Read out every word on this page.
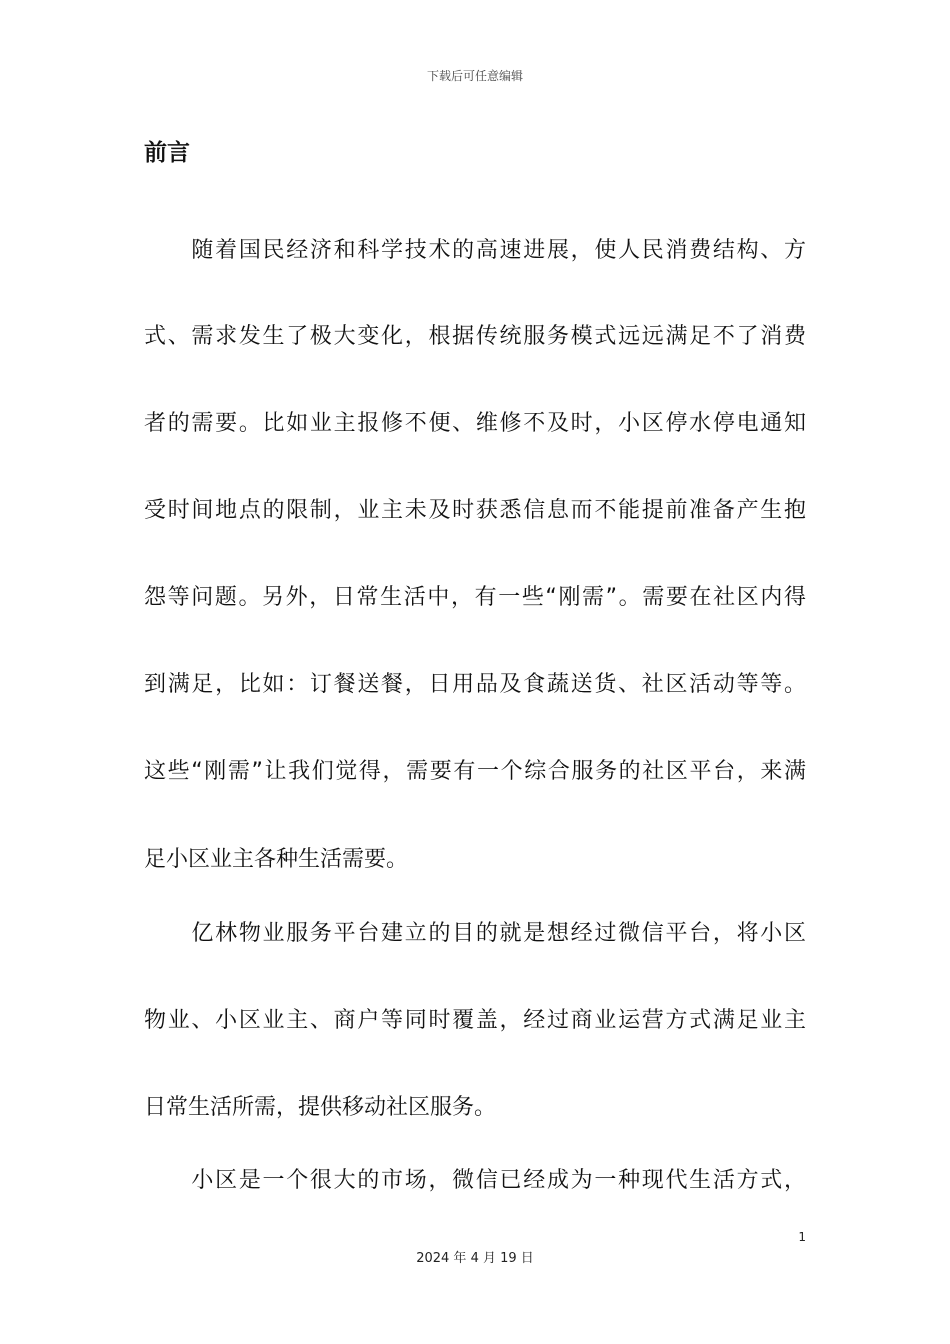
下载后可任意编辑
前言
　　随着国民经济和科学技术的高速进展，使人民消费结构、方
式、需求发生了极大变化，根据传统服务模式远远满足不了消费
者的需要。比如业主报修不便、维修不及时，小区停水停电通知
受时间地点的限制，业主未及时获悉信息而不能提前准备产生抱
怨等问题。另外，日常生活中，有一些“刚需”。需要在社区内得
到满足，比如：订餐送餐，日用品及食蔬送货、社区活动等等。
这些“刚需”让我们觉得，需要有一个综合服务的社区平台，来满
足小区业主各种生活需要。
　　亿林物业服务平台建立的目的就是想经过微信平台，将小区
物业、小区业主、商户等同时覆盖，经过商业运营方式满足业主
日常生活所需，提供移动社区服务。
　　小区是一个很大的市场，微信已经成为一种现代生活方式，
1
2024 年 4 月 19 日
